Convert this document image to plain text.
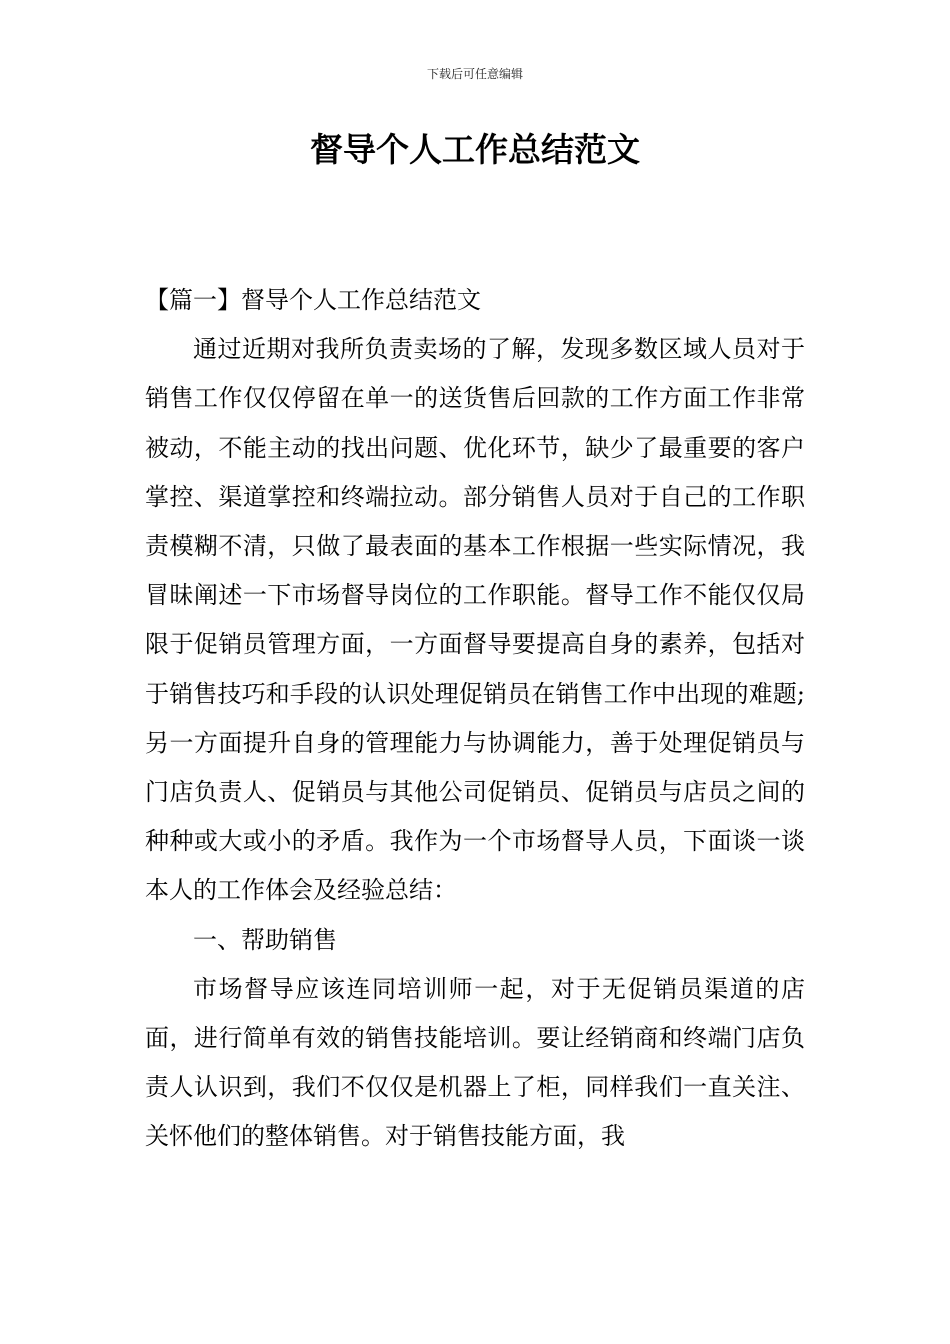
下载后可任意编辑
督导个人工作总结范文
【篇一】督导个人工作总结范文

通过近期对我所负责卖场的了解，发现多数区域人员对于销售工作仅仅停留在单一的送货售后回款的工作方面工作非常被动，不能主动的找出问题、优化环节，缺少了最重要的客户掌控、渠道掌控和终端拉动。部分销售人员对于自己的工作职责模糊不清，只做了最表面的基本工作根据一些实际情况，我冒昧阐述一下市场督导岗位的工作职能。督导工作不能仅仅局限于促销员管理方面，一方面督导要提高自身的素养，包括对于销售技巧和手段的认识处理促销员在销售工作中出现的难题;另一方面提升自身的管理能力与协调能力，善于处理促销员与门店负责人、促销员与其他公司促销员、促销员与店员之间的种种或大或小的矛盾。我作为一个市场督导人员，下面谈一谈本人的工作体会及经验总结：

一、帮助销售

市场督导应该连同培训师一起，对于无促销员渠道的店面，进行简单有效的销售技能培训。要让经销商和终端门店负责人认识到，我们不仅仅是机器上了柜，同样我们一直关注、关怀他们的整体销售。对于销售技能方面，我
